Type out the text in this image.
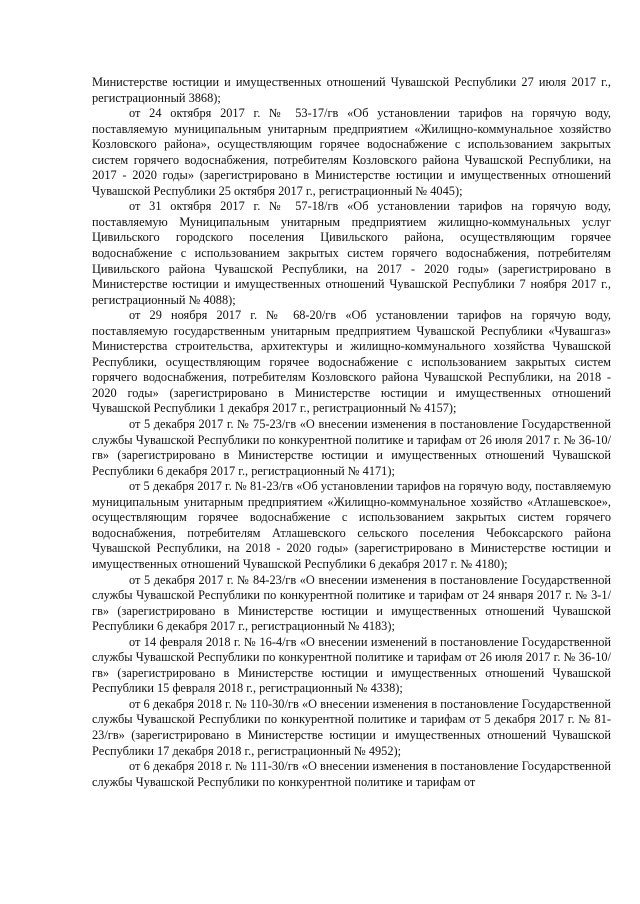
Министерстве юстиции и имущественных отношений Чувашской Республики 27 июля 2017 г., регистрационный 3868);

от 24 октября 2017 г. № 53-17/гв «Об установлении тарифов на горячую воду, поставляемую муниципальным унитарным предприятием «Жилищно-коммунальное хозяйство Козловского района», осуществляющим горячее водоснабжение с использованием закрытых систем горячего водоснабжения, потребителям Козловского района Чувашской Республики, на 2017 - 2020 годы» (зарегистрировано в Министерстве юстиции и имущественных отношений Чувашской Республики 25 октября 2017 г., регистрационный № 4045);

от 31 октября 2017 г. № 57-18/гв «Об установлении тарифов на горячую воду, поставляемую Муниципальным унитарным предприятием жилищно-коммунальных услуг Цивильского городского поселения Цивильского района, осуществляющим горячее водоснабжение с использованием закрытых систем горячего водоснабжения, потребителям Цивильского района Чувашской Республики, на 2017 - 2020 годы» (зарегистрировано в Министерстве юстиции и имущественных отношений Чувашской Республики 7 ноября 2017 г., регистрационный № 4088);

от 29 ноября 2017 г. № 68-20/гв «Об установлении тарифов на горячую воду, поставляемую государственным унитарным предприятием Чувашской Республики «Чувашгаз» Министерства строительства, архитектуры и жилищно-коммунального хозяйства Чувашской Республики, осуществляющим горячее водоснабжение с использованием закрытых систем горячего водоснабжения, потребителям Козловского района Чувашской Республики, на 2018 - 2020 годы» (зарегистрировано в Министерстве юстиции и имущественных отношений Чувашской Республики 1 декабря 2017 г., регистрационный № 4157);

от 5 декабря 2017 г. № 75-23/гв «О внесении изменения в постановление Государственной службы Чувашской Республики по конкурентной политике и тарифам от 26 июля 2017 г. № 36-10/гв» (зарегистрировано в Министерстве юстиции и имущественных отношений Чувашской Республики 6 декабря 2017 г., регистрационный № 4171);

от 5 декабря 2017 г. № 81-23/гв «Об установлении тарифов на горячую воду, поставляемую муниципальным унитарным предприятием «Жилищно-коммунальное хозяйство «Атлашевское», осуществляющим горячее водоснабжение с использованием закрытых систем горячего водоснабжения, потребителям Атлашевского сельского поселения Чебоксарского района Чувашской Республики, на 2018 - 2020 годы» (зарегистрировано в Министерстве юстиции и имущественных отношений Чувашской Республики 6 декабря 2017 г. № 4180);

от 5 декабря 2017 г. № 84-23/гв «О внесении изменения в постановление Государственной службы Чувашской Республики по конкурентной политике и тарифам от 24 января 2017 г. № 3-1/гв» (зарегистрировано в Министерстве юстиции и имущественных отношений Чувашской Республики 6 декабря 2017 г., регистрационный № 4183);

от 14 февраля 2018 г. № 16-4/гв «О внесении изменений в постановление Государственной службы Чувашской Республики по конкурентной политике и тарифам от 26 июля 2017 г. № 36-10/гв» (зарегистрировано в Министерстве юстиции и имущественных отношений Чувашской Республики 15 февраля 2018 г., регистрационный № 4338);

от 6 декабря 2018 г. № 110-30/гв «О внесении изменения в постановление Государственной службы Чувашской Республики по конкурентной политике и тарифам от 5 декабря 2017 г. № 81-23/гв» (зарегистрировано в Министерстве юстиции и имущественных отношений Чувашской Республики 17 декабря 2018 г., регистрационный № 4952);

от 6 декабря 2018 г. № 111-30/гв «О внесении изменения в постановление Государственной службы Чувашской Республики по конкурентной политике и тарифам от
